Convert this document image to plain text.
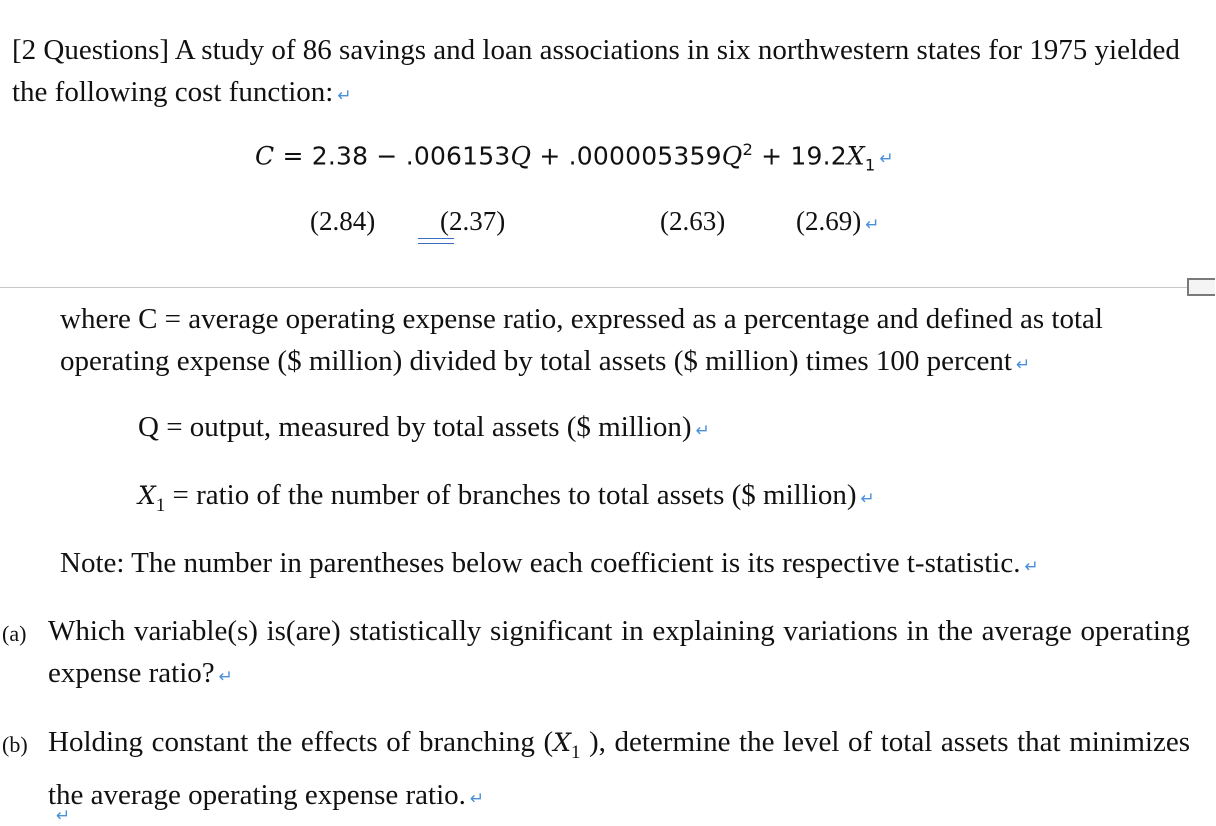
[2 Questions] A study of 86 savings and loan associations in six northwestern states for 1975 yielded the following cost function: ↵
$C = 2.38 - .006153Q + .000005359Q^2 + 19.2X_1$ ↵
(2.84) (2.37)	(2.63)	(2.69) ↵
where C = average operating expense ratio, expressed as a percentage and defined as total operating expense ($ million) divided by total assets ($ million) times 100 percent ↵
Q = output, measured by total assets ($ million) ↵
$X_1$ = ratio of the number of branches to total assets ($ million) ↵
Note: The number in parentheses below each coefficient is its respective t-statistic. ↵
(a) Which variable(s) is(are) statistically significant in explaining variations in the average operating expense ratio? ↵
(b) Holding constant the effects of branching ($X_1$ ), determine the level of total assets that minimizes the average operating expense ratio. ↵
↵
